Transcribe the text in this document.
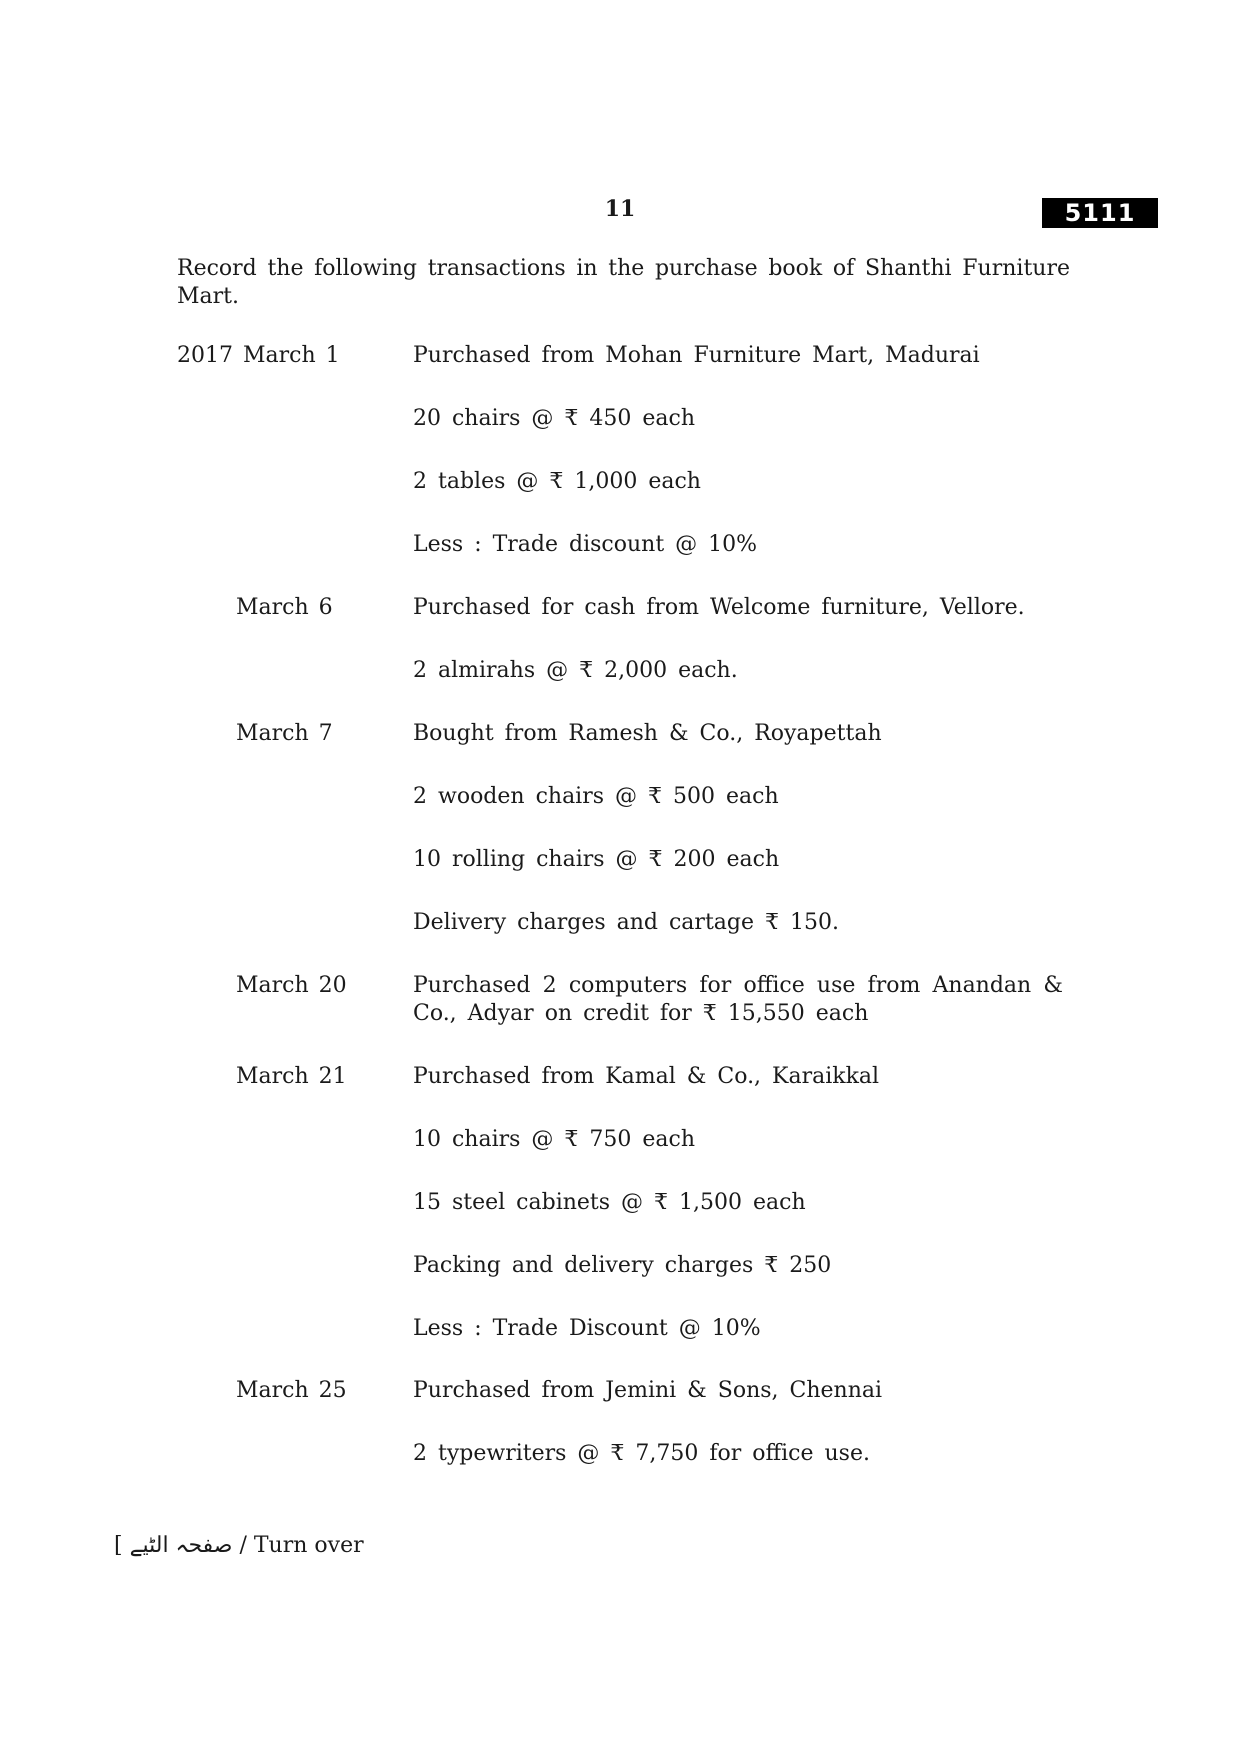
11	5111
Record the following transactions in the purchase book of Shanthi Furniture Mart.
2017 March 1	Purchased from Mohan Furniture Mart, Madurai
20 chairs @ ₹ 450 each
2 tables @ ₹ 1,000 each
Less : Trade discount @ 10%
March 6	Purchased for cash from Welcome furniture, Vellore.
2 almirahs @ ₹ 2,000 each.
March 7	Bought from Ramesh & Co., Royapettah
2 wooden chairs @ ₹ 500 each
10 rolling chairs @ ₹ 200 each
Delivery charges and cartage ₹ 150.
March 20	Purchased 2 computers for office use from Anandan & Co., Adyar on credit for ₹ 15,550 each
March 21	Purchased from Kamal & Co., Karaikkal
10 chairs @ ₹ 750 each
15 steel cabinets @ ₹ 1,500 each
Packing and delivery charges ₹ 250
Less : Trade Discount @ 10%
March 25	Purchased from Jemini & Sons, Chennai
2 typewriters @ ₹ 7,750 for office use.
[ صفحہ الٹیے / Turn over
